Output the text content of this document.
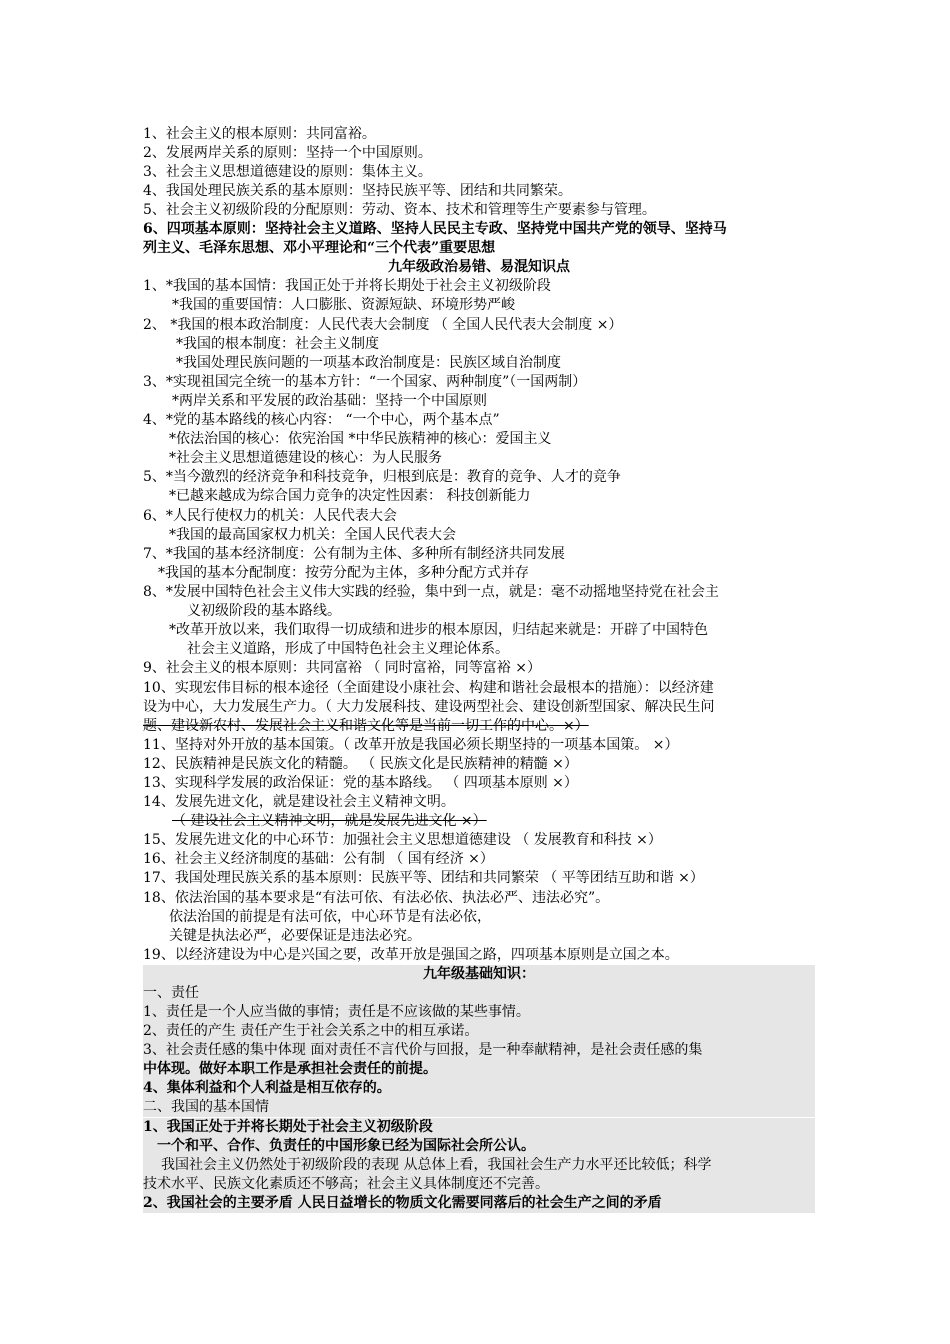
1、社会主义的根本原则：共同富裕。
2、发展两岸关系的原则：坚持一个中国原则。
3、社会主义思想道德建设的原则：集体主义。
4、我国处理民族关系的基本原则：坚持民族平等、团结和共同繁荣。
5、社会主义初级阶段的分配原则：劳动、资本、技术和管理等生产要素参与管理。
6、四项基本原则：坚持社会主义道路、坚持人民民主专政、坚持党中国共产党的领导、坚持马
列主义、毛泽东思想、邓小平理论和“三个代表”重要思想
九年级政治易错、易混知识点
1、*我国的基本国情：我国正处于并将长期处于社会主义初级阶段
*我国的重要国情：人口膨胀、资源短缺、环境形势严峻
2、 *我国的根本政治制度：人民代表大会制度 （ 全国人民代表大会制度 ×）
*我国的根本制度：社会主义制度
*我国处理民族问题的一项基本政治制度是：民族区域自治制度
3、*实现祖国完全统一的基本方针：“一个国家、两种制度”（一国两制）
*两岸关系和平发展的政治基础：坚持一个中国原则
4、*党的基本路线的核心内容： “一个中心，两个基本点”
*依法治国的核心：依宪治国 *中华民族精神的核心：爱国主义
*社会主义思想道德建设的核心：为人民服务
5、*当今激烈的经济竞争和科技竞争，归根到底是：教育的竞争、人才的竞争
*已越来越成为综合国力竞争的决定性因素： 科技创新能力
6、*人民行使权力的机关：人民代表大会
*我国的最高国家权力机关：全国人民代表大会
7、*我国的基本经济制度：公有制为主体、多种所有制经济共同发展
*我国的基本分配制度：按劳分配为主体，多种分配方式并存
8、*发展中国特色社会主义伟大实践的经验，集中到一点，就是：毫不动摇地坚持党在社会主
义初级阶段的基本路线。
*改革开放以来，我们取得一切成绩和进步的根本原因，归结起来就是：开辟了中国特色
社会主义道路，形成了中国特色社会主义理论体系。
9、社会主义的根本原则：共同富裕 （ 同时富裕，同等富裕 ×）
10、实现宏伟目标的根本途径（全面建设小康社会、构建和谐社会最根本的措施）：以经济建
设为中心，大力发展生产力。（ 大力发展科技、建设两型社会、建设创新型国家、解决民生问
题、建设新农村、发展社会主义和谐文化等是当前一切工作的中心。×）
11、坚持对外开放的基本国策。（ 改革开放是我国必须长期坚持的一项基本国策。 ×）
12、民族精神是民族文化的精髓。 （ 民族文化是民族精神的精髓 ×）
13、实现科学发展的政治保证：党的基本路线。 （ 四项基本原则 ×）
14、发展先进文化，就是建设社会主义精神文明。
（ 建设社会主义精神文明，就是发展先进文化 ×）
15、发展先进文化的中心环节：加强社会主义思想道德建设 （ 发展教育和科技 ×）
16、社会主义经济制度的基础：公有制 （ 国有经济 ×）
17、我国处理民族关系的基本原则：民族平等、团结和共同繁荣 （ 平等团结互助和谐 ×）
18、依法治国的基本要求是“有法可依、有法必依、执法必严、违法必究”。
依法治国的前提是有法可依，中心环节是有法必依，
关键是执法必严，必要保证是违法必究。
19、以经济建设为中心是兴国之要，改革开放是强国之路，四项基本原则是立国之本。
九年级基础知识：
一、责任
1、责任是一个人应当做的事情；责任是不应该做的某些事情。
2、责任的产生 责任产生于社会关系之中的相互承诺。
3、社会责任感的集中体现 面对责任不言代价与回报，是一种奉献精神，是社会责任感的集
中体现。做好本职工作是承担社会责任的前提。
4、集体利益和个人利益是相互依存的。
二、我国的基本国情
1、我国正处于并将长期处于社会主义初级阶段
一个和平、合作、负责任的中国形象已经为国际社会所公认。
我国社会主义仍然处于初级阶段的表现 从总体上看，我国社会生产力水平还比较低；科学
技术水平、民族文化素质还不够高；社会主义具体制度还不完善。
2、我国社会的主要矛盾 人民日益增长的物质文化需要同落后的社会生产之间的矛盾
